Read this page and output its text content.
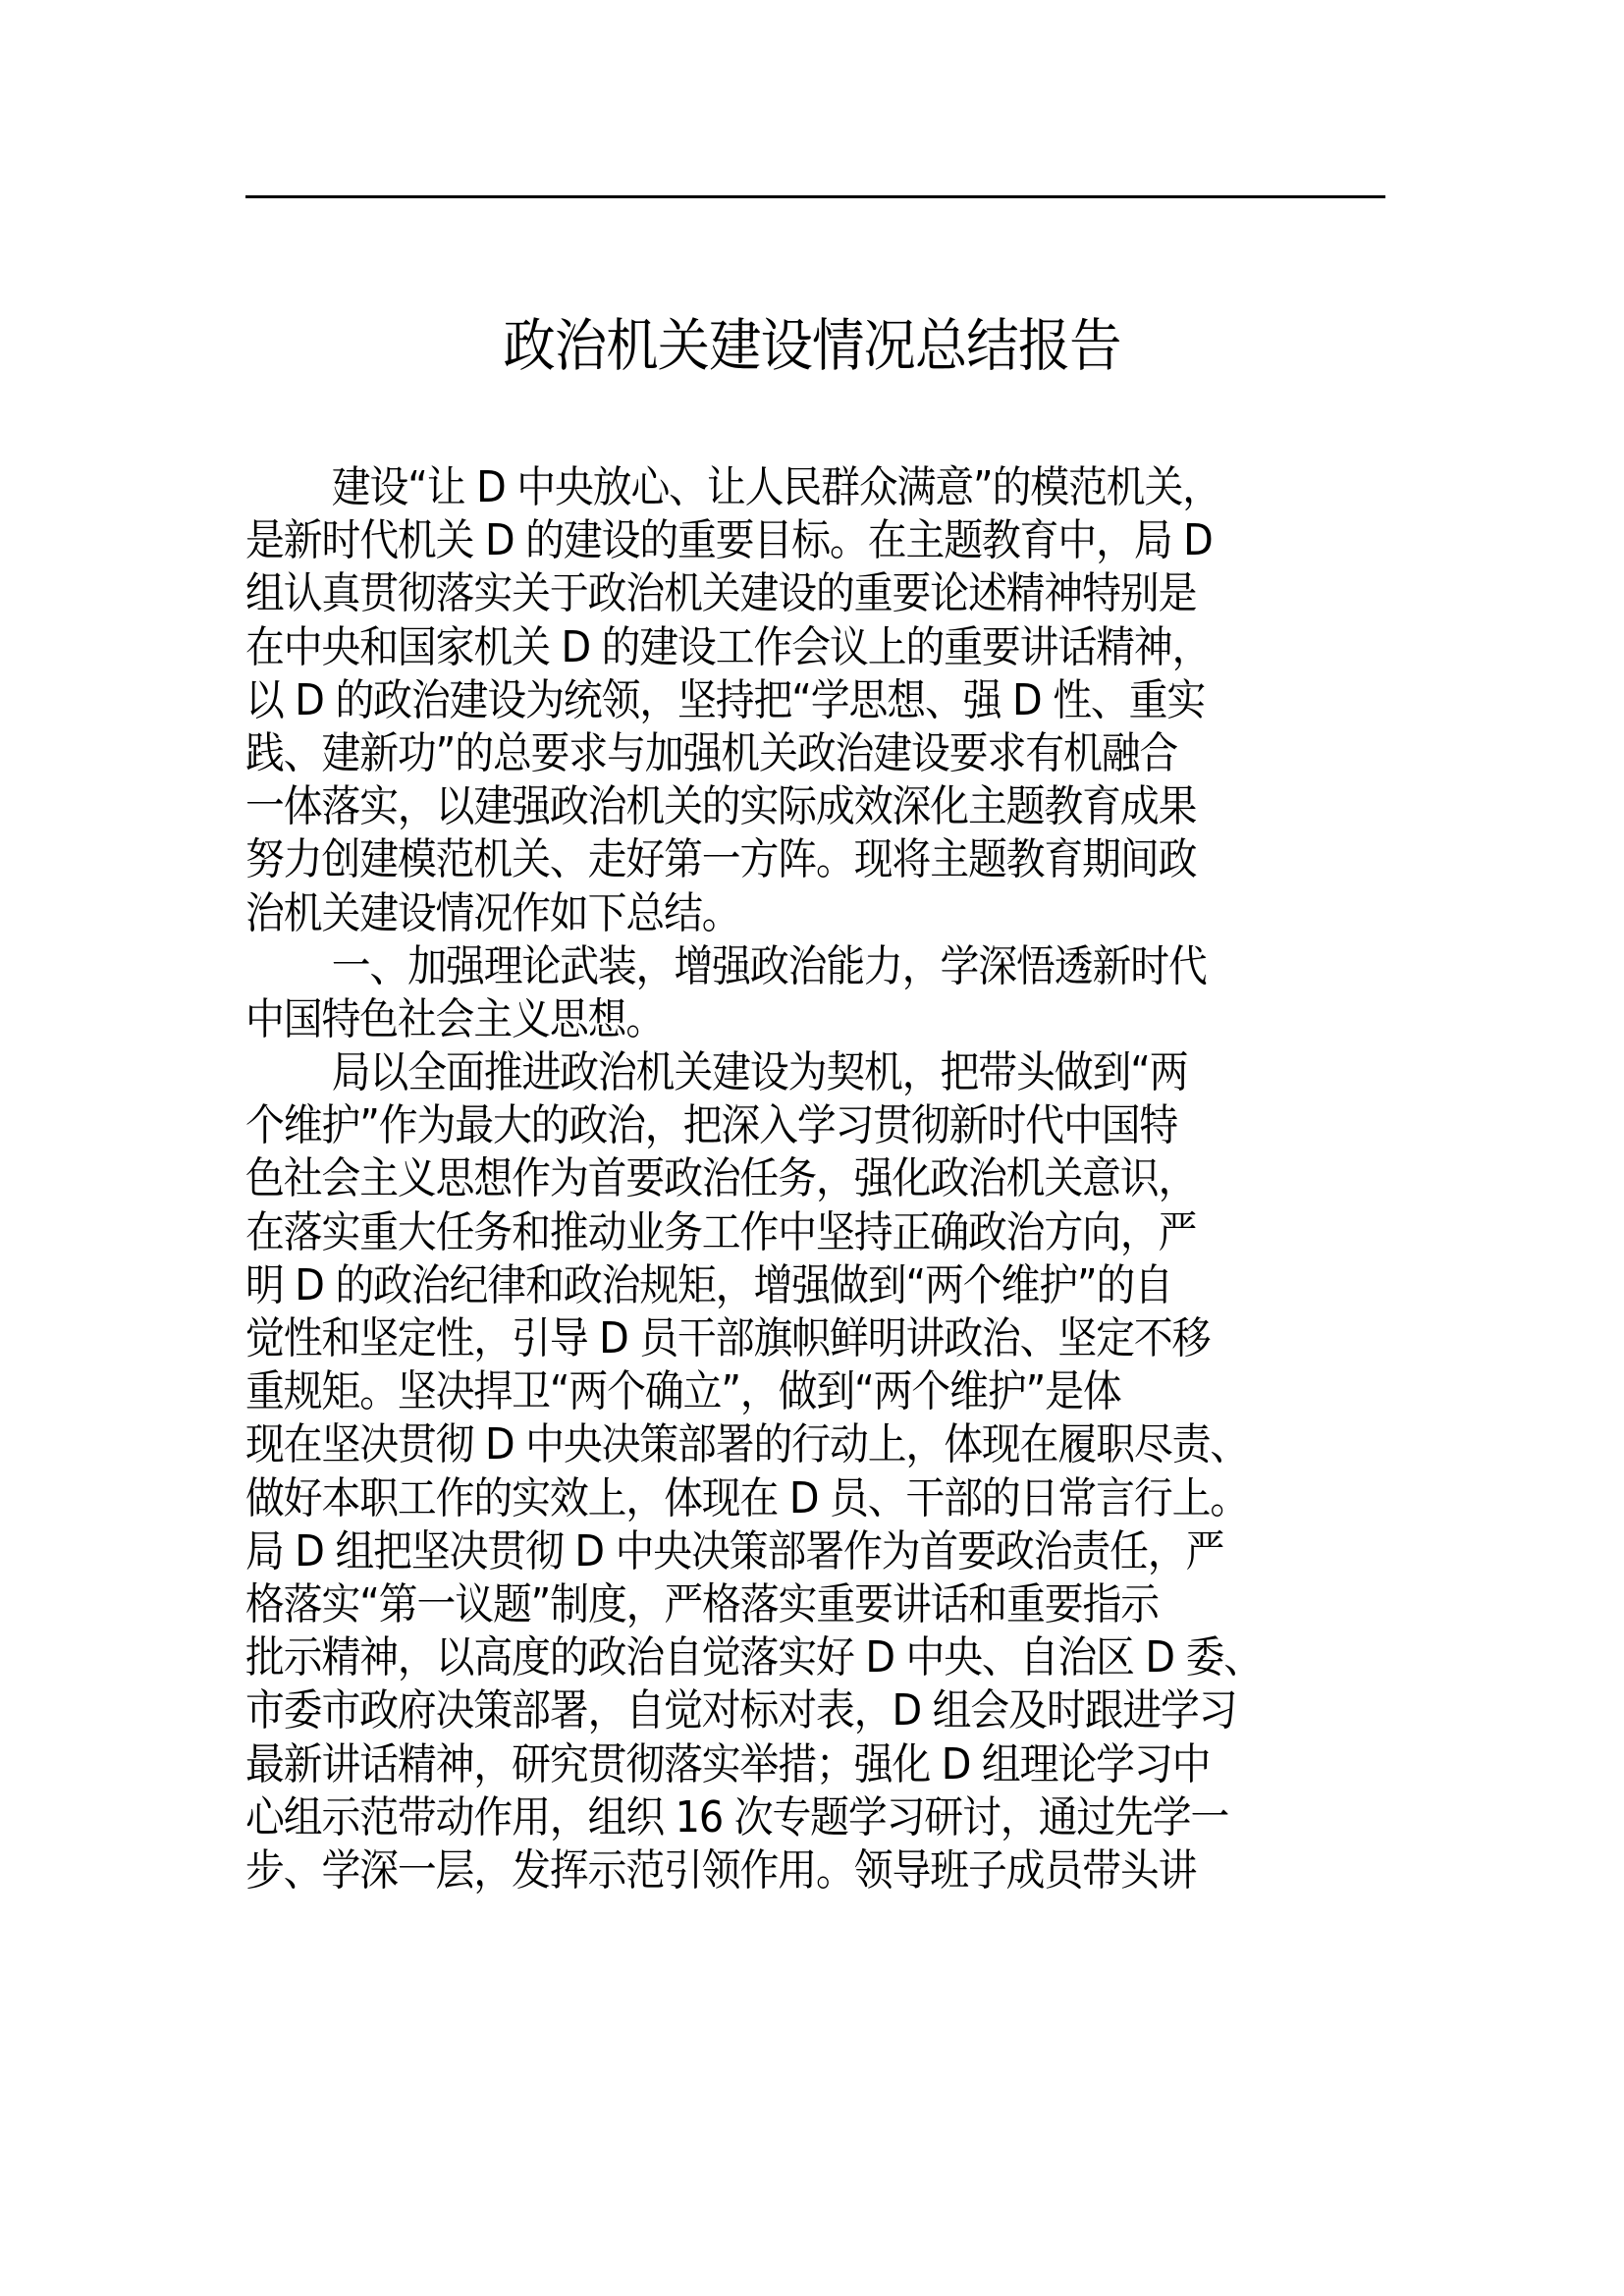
政治机关建设情况总结报告
建设“让 D 中央放心、让人民群众满意”的模范机关，
是新时代机关 D 的建设的重要目标。在主题教育中，局 D
组认真贯彻落实关于政治机关建设的重要论述精神特别是
在中央和国家机关 D 的建设工作会议上的重要讲话精神，
以 D 的政治建设为统领，坚持把“学思想、强 D 性、重实
践、建新功”的总要求与加强机关政治建设要求有机融合
一体落实，以建强政治机关的实际成效深化主题教育成果
努力创建模范机关、走好第一方阵。现将主题教育期间政
治机关建设情况作如下总结。
一、加强理论武装，增强政治能力，学深悟透新时代
中国特色社会主义思想。
局以全面推进政治机关建设为契机，把带头做到“两
个维护”作为最大的政治，把深入学习贯彻新时代中国特
色社会主义思想作为首要政治任务，强化政治机关意识，
在落实重大任务和推动业务工作中坚持正确政治方向，严
明 D 的政治纪律和政治规矩，增强做到“两个维护”的自
觉性和坚定性，引导 D 员干部旗帜鲜明讲政治、坚定不移
重规矩。坚决捍卫“两个确立”，做到“两个维护”是体
现在坚决贯彻 D 中央决策部署的行动上，体现在履职尽责、
做好本职工作的实效上，体现在 D 员、干部的日常言行上。
局 D 组把坚决贯彻 D 中央决策部署作为首要政治责任，严
格落实“第一议题”制度，严格落实重要讲话和重要指示
批示精神，以高度的政治自觉落实好 D 中央、自治区 D 委、
市委市政府决策部署，自觉对标对表，D 组会及时跟进学习
最新讲话精神，研究贯彻落实举措；强化 D 组理论学习中
心组示范带动作用，组织 16 次专题学习研讨，通过先学一
步、学深一层，发挥示范引领作用。领导班子成员带头讲
